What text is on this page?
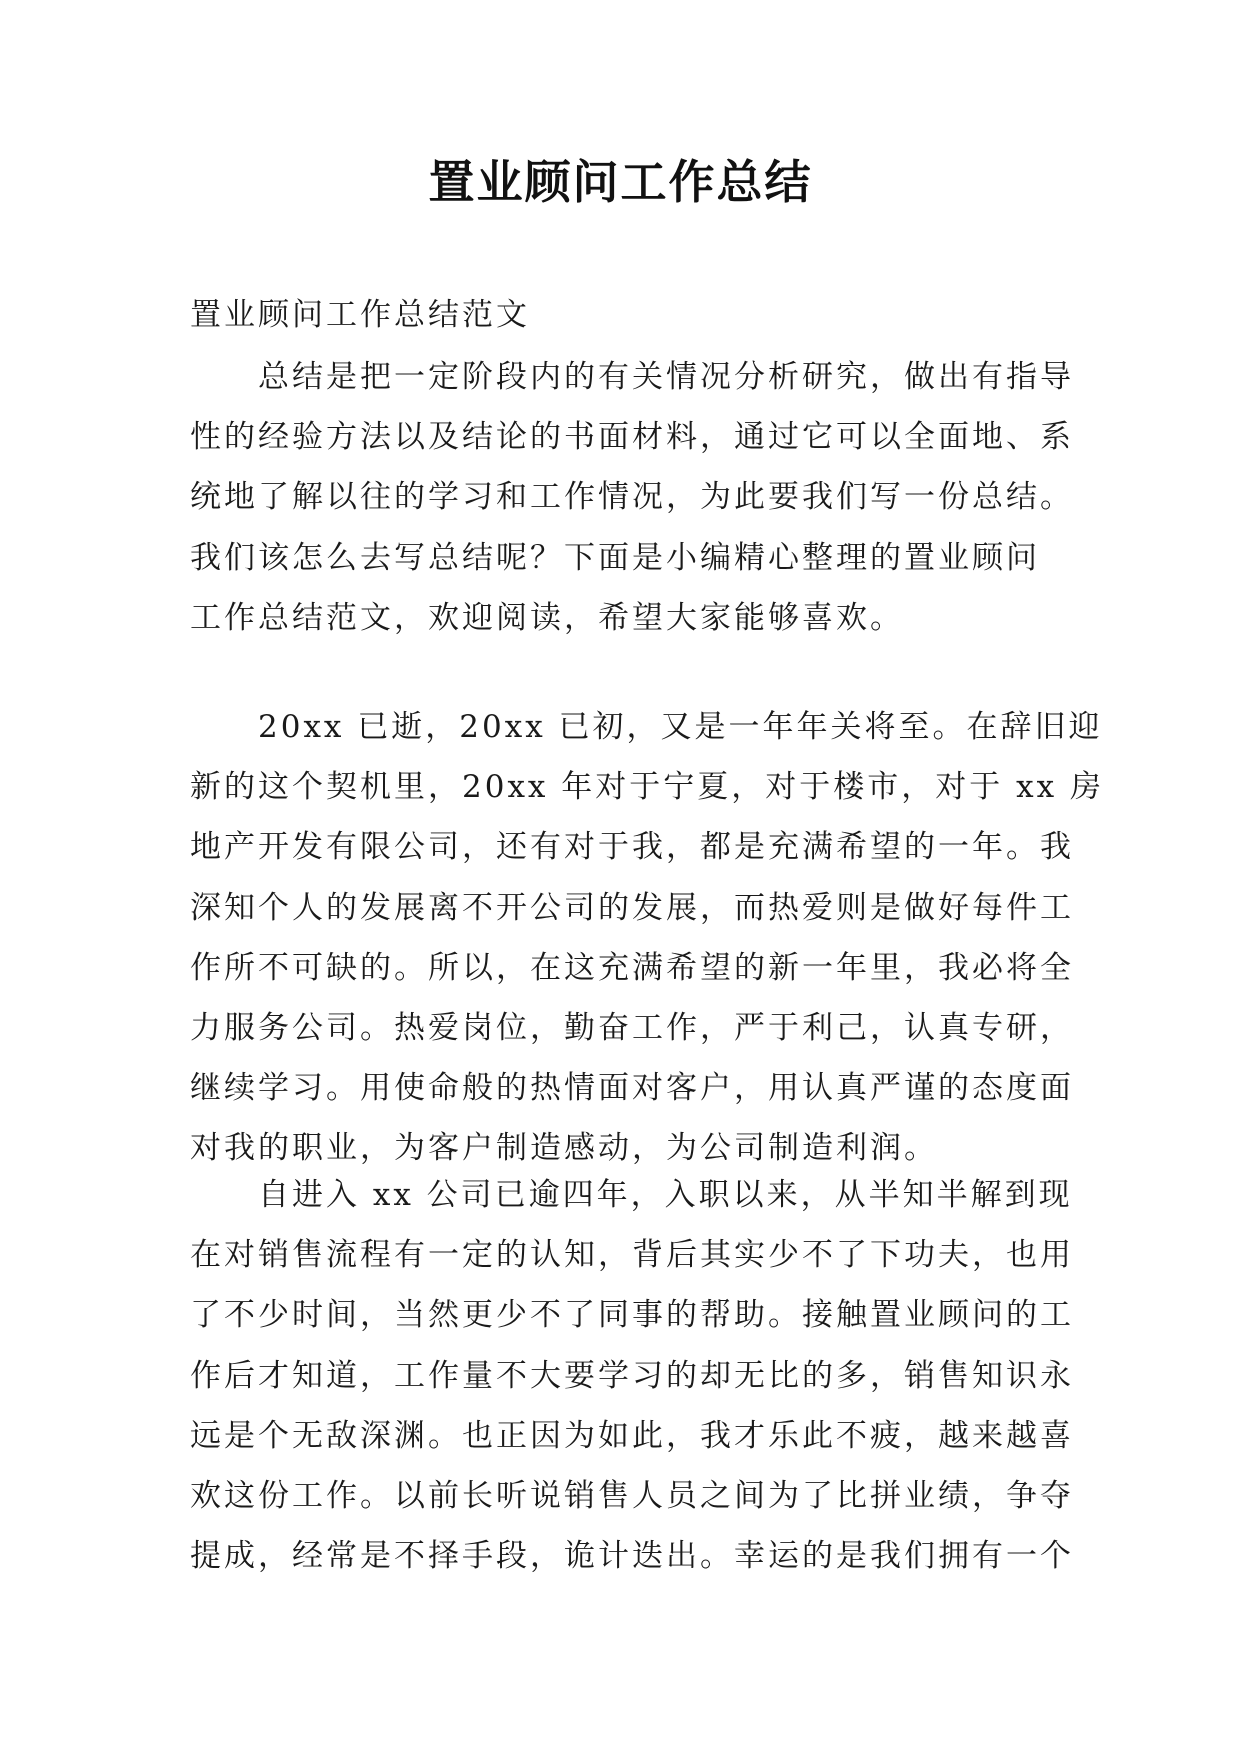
置业顾问工作总结

置业顾问工作总结范文

总结是把一定阶段内的有关情况分析研究，做出有指导
性的经验方法以及结论的书面材料，通过它可以全面地、系
统地了解以往的学习和工作情况，为此要我们写一份总结。
我们该怎么去写总结呢？下面是小编精心整理的置业顾问
工作总结范文，欢迎阅读，希望大家能够喜欢。
20xx 已逝，20xx 已初，又是一年年关将至。在辞旧迎
新的这个契机里，20xx 年对于宁夏，对于楼市，对于 xx 房
地产开发有限公司，还有对于我，都是充满希望的一年。我
深知个人的发展离不开公司的发展，而热爱则是做好每件工
作所不可缺的。所以，在这充满希望的新一年里，我必将全
力服务公司。热爱岗位，勤奋工作，严于利己，认真专研，
继续学习。用使命般的热情面对客户，用认真严谨的态度面
对我的职业，为客户制造感动，为公司制造利润。
自进入 xx 公司已逾四年，入职以来，从半知半解到现
在对销售流程有一定的认知，背后其实少不了下功夫，也用
了不少时间，当然更少不了同事的帮助。接触置业顾问的工
作后才知道，工作量不大要学习的却无比的多，销售知识永
远是个无敌深渊。也正因为如此，我才乐此不疲，越来越喜
欢这份工作。以前长听说销售人员之间为了比拼业绩，争夺
提成，经常是不择手段，诡计迭出。幸运的是我们拥有一个
